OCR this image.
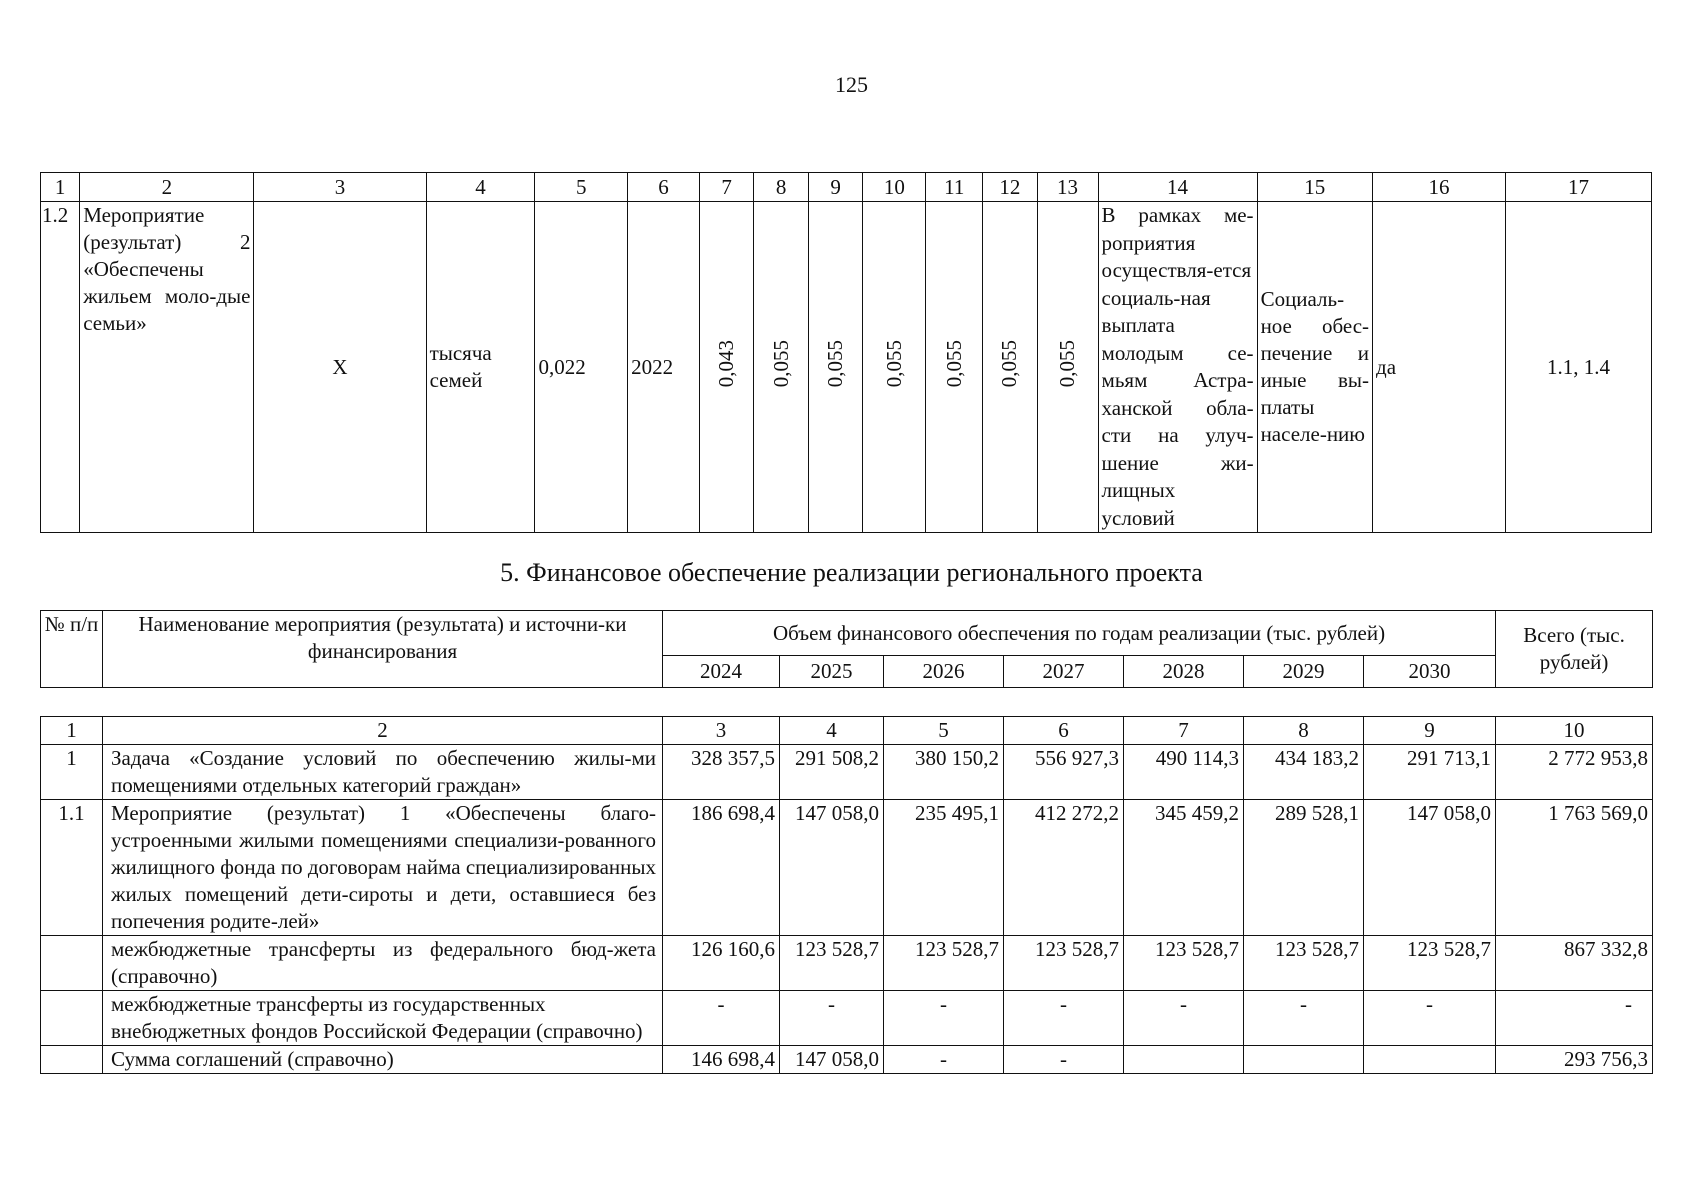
125
1	2	3	4	5	6	7	8	9	10	11	12	13	14	15	16	17
1.2	Мероприятие (результат) 2 «Обеспечены жильем моло-дые семьи»	Х	тысяча семей	0,022	2022	0,043	0,055	0,055	0,055	0,055	0,055	0,055	В рамках ме-роприятия осуществля-ется социаль-ная выплата молодым се-мьям Астра-ханской обла-сти на улуч-шение жи-лищных условий	Социаль-ное обес-печение и иные вы-платы населе-нию	да	1.1, 1.4
5. Финансовое обеспечение реализации регионального проекта
№ п/п	Наименование мероприятия (результата) и источни-ки финансирования	Объем финансового обеспечения по годам реализации (тыс. рублей)							Всего (тыс. рублей)
		2024	2025	2026	2027	2028	2029	2030	
1	2	3	4	5	6	7	8	9	10
1	Задача «Создание условий по обеспечению жилы-ми помещениями отдельных категорий граждан»	328 357,5	291 508,2	380 150,2	556 927,3	490 114,3	434 183,2	291 713,1	2 772 953,8
1.1	Мероприятие (результат) 1 «Обеспечены благо-устроенными жилыми помещениями специализи-рованного жилищного фонда по договорам найма специализированных жилых помещений дети-сироты и дети, оставшиеся без попечения родите-лей»	186 698,4	147 058,0	235 495,1	412 272,2	345 459,2	289 528,1	147 058,0	1 763 569,0
	межбюджетные трансферты из федерального бюд-жета (справочно)	126 160,6	123 528,7	123 528,7	123 528,7	123 528,7	123 528,7	123 528,7	867 332,8
	межбюджетные трансферты из государственных внебюджетных фондов Российской Федерации (справочно)	-	-	-	-	-	-	-	-
	Сумма соглашений (справочно)	146 698,4	147 058,0	-	-				293 756,3
